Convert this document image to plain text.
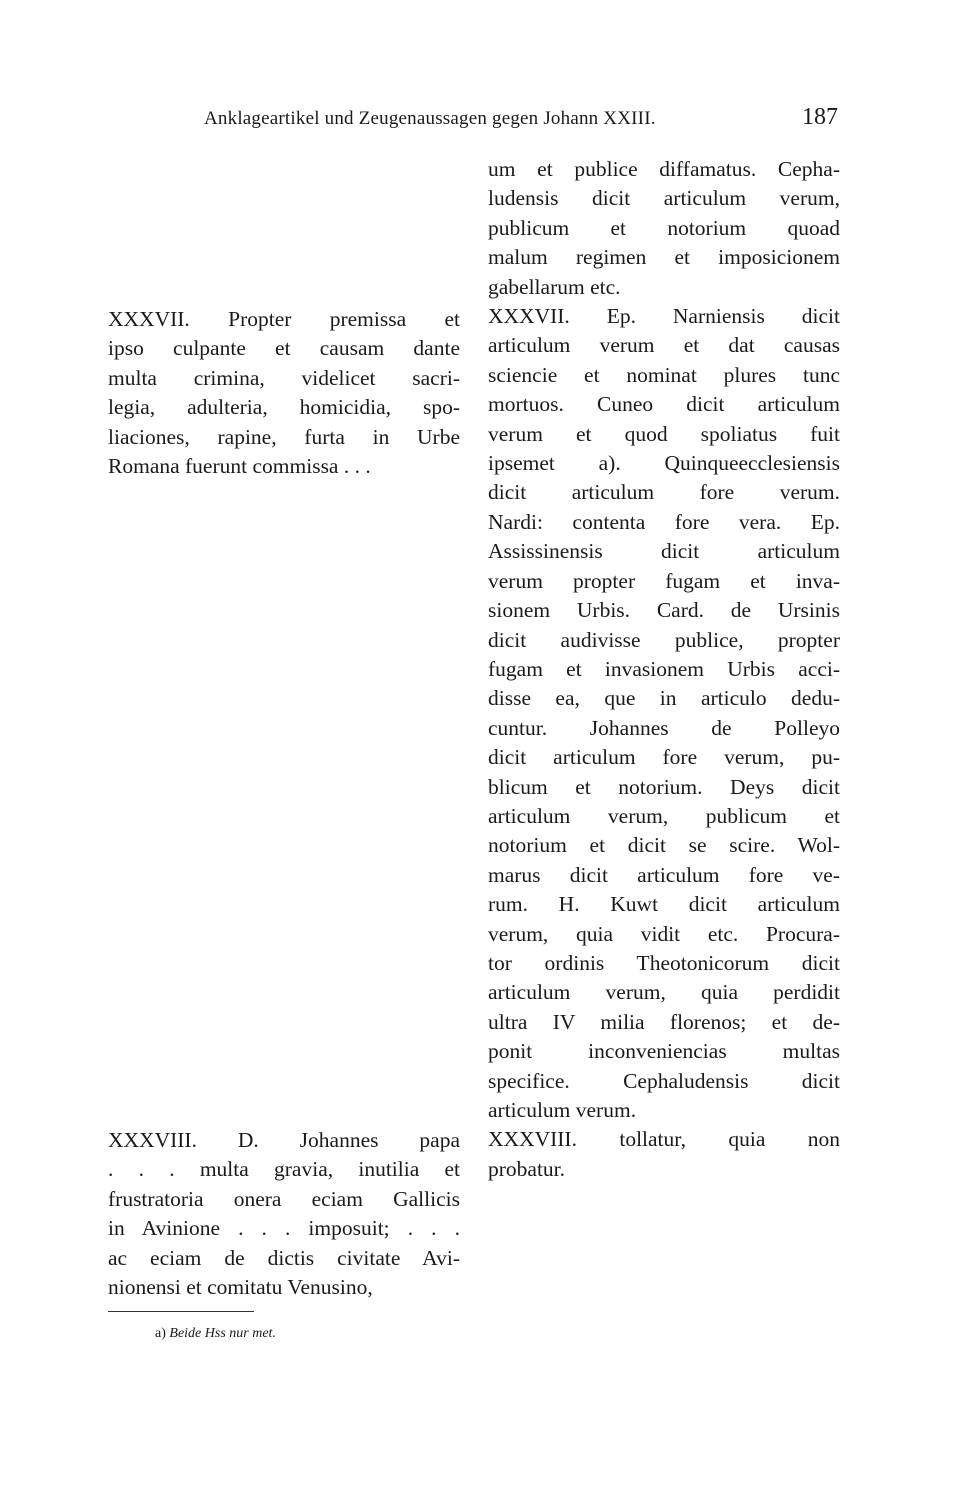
Anklageartikel und Zeugenaussagen gegen Johann XXIII.	187
XXXVII. Propter premissa et
ipso culpante et causam dante
multa crimina, videlicet sacri-
legia, adulteria, homicidia, spo-
liaciones, rapine, furta in Urbe
Romana fuerunt commissa . . .
XXXVIII. D. Johannes papa
. . . multa gravia, inutilia et
frustratoria onera eciam Gallicis
in Avinione . . . imposuit; . . .
ac eciam de dictis civitate Avi-
nionensi et comitatu Venusino,
um et publice diffamatus. Cepha-
ludensis dicit articulum verum,
publicum et notorium quoad
malum regimen et imposicionem
gabellarum etc.
XXXVII. Ep. Narniensis dicit
articulum verum et dat causas
sciencie et nominat plures tunc
mortuos. Cuneo dicit articulum
verum et quod spoliatus fuit
ipsemet a). Quinqueecclesiensis
dicit articulum fore verum.
Nardi: contenta fore vera. Ep.
Assissinensis dicit articulum
verum propter fugam et inva-
sionem Urbis. Card. de Ursinis
dicit audivisse publice, propter
fugam et invasionem Urbis acci-
disse ea, que in articulo dedu-
cuntur. Johannes de Polleyo
dicit articulum fore verum, pu-
blicum et notorium. Deys dicit
articulum verum, publicum et
notorium et dicit se scire. Wol-
marus dicit articulum fore ve-
rum. H. Kuwt dicit articulum
verum, quia vidit etc. Procura-
tor ordinis Theotonicorum dicit
articulum verum, quia perdidit
ultra IV milia florenos; et de-
ponit inconveniencias multas
specifice. Cephaludensis dicit
articulum verum.
XXXVIII. tollatur, quia non
probatur.
a) Beide Hss nur met.
